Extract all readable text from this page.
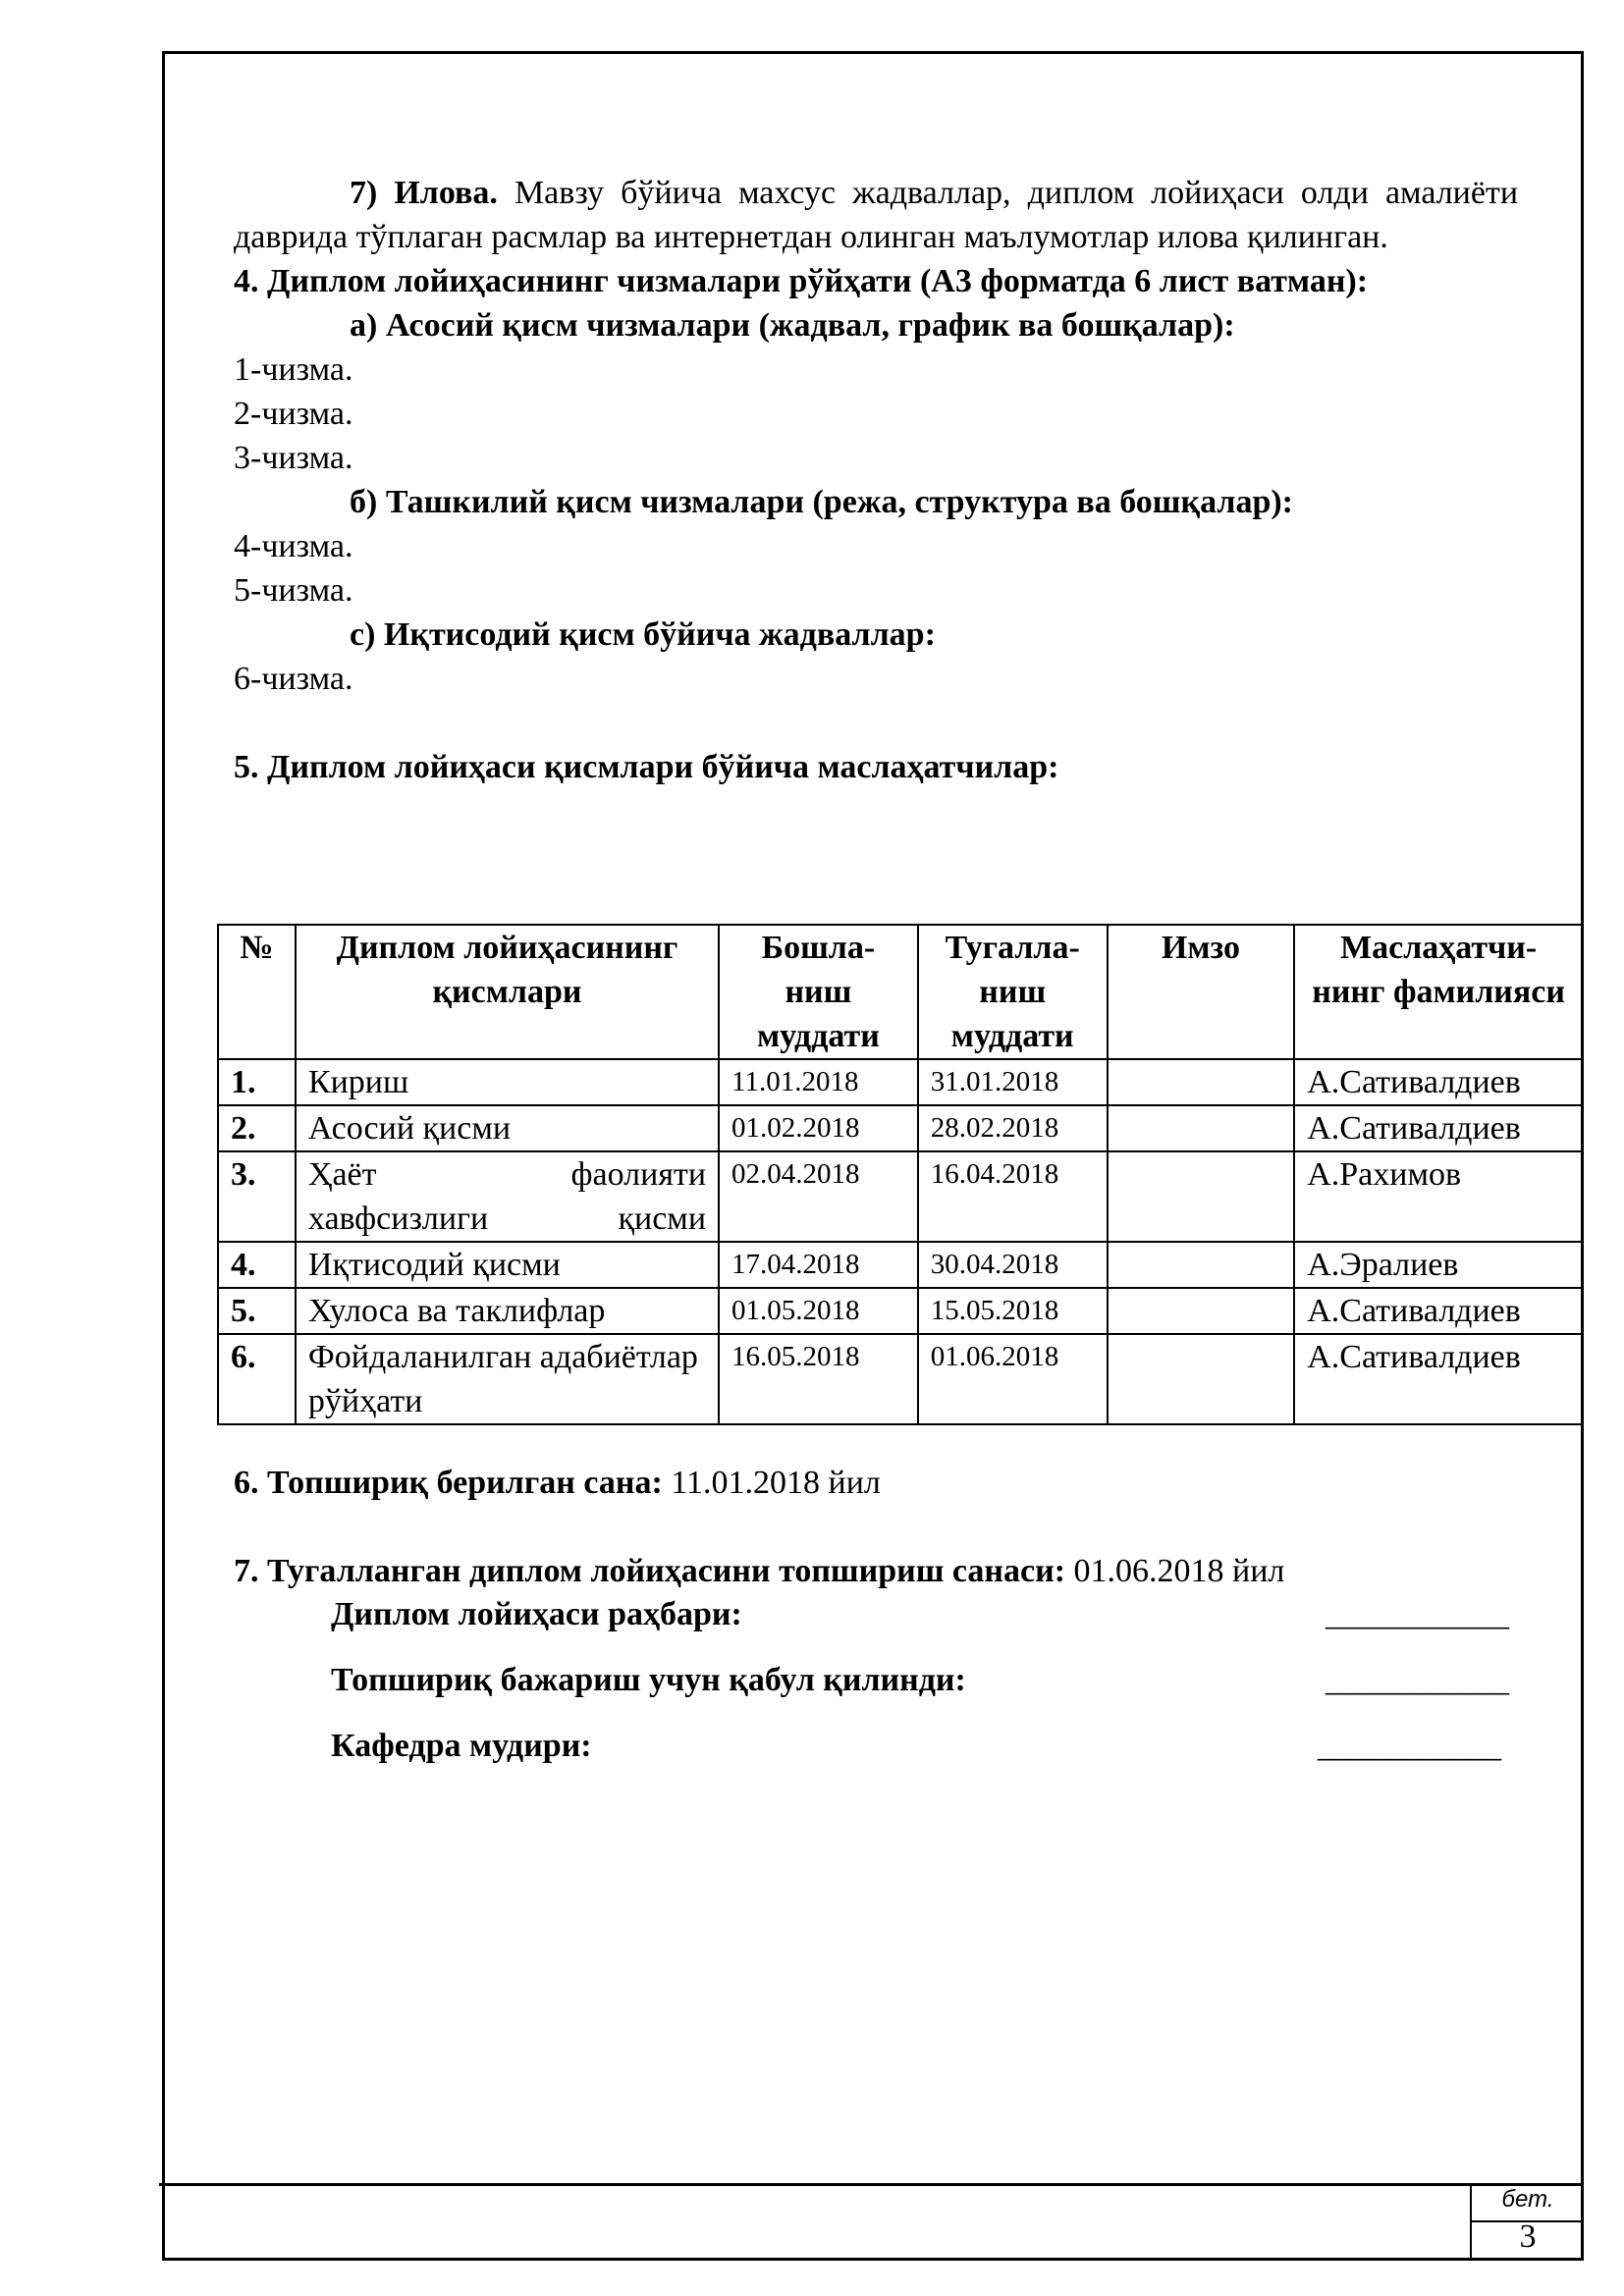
бет.
3

7) Илова. Мавзу бўйича махсус жадваллар, диплом лойиҳаси олди амалиёти даврида тўплаган расмлар ва интернетдан олинган маълумотлар илова қилинган.

4. Диплом лойиҳасининг чизмалари рўйҳати (А3 форматда 6 лист ватман):

а) Асосий қисм чизмалари (жадвал, график ва бошқалар):

1-чизма.

2-чизма.

3-чизма.

б) Ташкилий қисм чизмалари (режа, структура ва бошқалар):

4-чизма.

5-чизма.

с) Иқтисодий қисм бўйича жадваллар:

6-чизма.

5. Диплом лойиҳаси қисмлари бўйича маслаҳатчилар:

№	Диплом лойиҳасининг қисмлари	Бошла-ниш муддати	Тугалла-ниш муддати	Имзо	Маслаҳатчи-нинг фамилияси
1.	Кириш	11.01.2018	31.01.2018		А.Сативалдиев
2.	Асосий қисми	01.02.2018	28.02.2018		А.Сативалдиев
3.	Ҳаёт фаолияти хавфсизлиги қисми	02.04.2018	16.04.2018		А.Рахимов
4.	Иқтисодий қисми	17.04.2018	30.04.2018		А.Эралиев
5.	Хулоса ва таклифлар	01.05.2018	15.05.2018		А.Сативалдиев
6.	Фойдаланилган адабиётлар рўйҳати	16.05.2018	01.06.2018		А.Сативалдиев

6. Топшириқ берилган сана: 11.01.2018 йил

7. Тугалланган диплом лойиҳасини топшириш санаси: 01.06.2018 йил

Диплом лойиҳаси раҳбари:	___________
Топшириқ бажариш учун қабул қилинди:	___________
Кафедра мудири:	___________
